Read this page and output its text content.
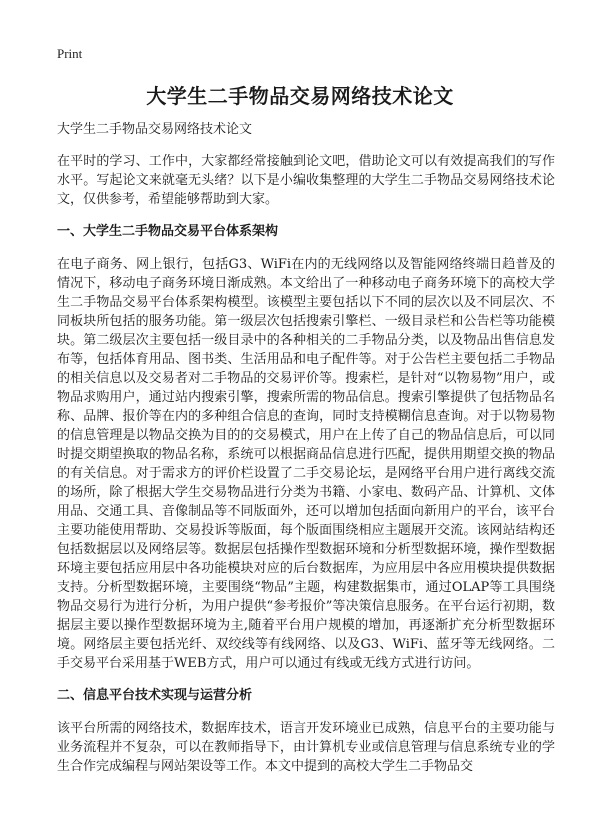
Print
大学生二手物品交易网络技术论文

大学生二手物品交易网络技术论文

在平时的学习、工作中，大家都经常接触到论文吧，借助论文可以有效提高我们的写作水平。写起论文来就毫无头绪？以下是小编收集整理的大学生二手物品交易网络技术论文，仅供参考，希望能够帮助到大家。

一、大学生二手物品交易平台体系架构

在电子商务、网上银行，包括G3、WiFi在内的无线网络以及智能网络终端日趋普及的情况下，移动电子商务环境日渐成熟。本文给出了一种移动电子商务环境下的高校大学生二手物品交易平台体系架构模型。该模型主要包括以下不同的层次以及不同层次、不同板块所包括的服务功能。第一级层次包括搜索引擎栏、一级目录栏和公告栏等功能模块。第二级层次主要包括一级目录中的各种相关的二手物品分类，以及物品出售信息发布等，包括体育用品、图书类、生活用品和电子配件等。对于公告栏主要包括二手物品的相关信息以及交易者对二手物品的交易评价等。搜索栏，是针对“以物易物”用户，或物品求购用户，通过站内搜索引擎，搜索所需的物品信息。搜索引擎提供了包括物品名称、品牌、报价等在内的多种组合信息的查询，同时支持模糊信息查询。对于以物易物的信息管理是以物品交换为目的的交易模式，用户在上传了自己的物品信息后，可以同时提交期望换取的物品名称，系统可以根据商品信息进行匹配，提供用期望交换的物品的有关信息。对于需求方的评价栏设置了二手交易论坛，是网络平台用户进行离线交流的场所，除了根据大学生交易物品进行分类为书籍、小家电、数码产品、计算机、文体用品、交通工具、音像制品等不同版面外，还可以增加包括面向新用户的平台，该平台主要功能使用帮助、交易投诉等版面，每个版面围绕相应主题展开交流。该网站结构还包括数据层以及网络层等。数据层包括操作型数据环境和分析型数据环境，操作型数据环境主要包括应用层中各功能模块对应的后台数据库，为应用层中各应用模块提供数据支持。分析型数据环境，主要围绕“物品”主题，构建数据集市，通过OLAP等工具围绕物品交易行为进行分析，为用户提供“参考报价”等决策信息服务。在平台运行初期，数据层主要以操作型数据环境为主,随着平台用户规模的增加，再逐渐扩充分析型数据环境。网络层主要包括光纤、双绞线等有线网络、以及G3、WiFi、蓝牙等无线网络。二手交易平台采用基于WEB方式，用户可以通过有线或无线方式进行访问。

二、信息平台技术实现与运营分析

该平台所需的网络技术，数据库技术，语言开发环境业已成熟，信息平台的主要功能与业务流程并不复杂，可以在教师指导下，由计算机专业或信息管理与信息系统专业的学生合作完成编程与网站架设等工作。本文中提到的高校大学生二手物品交
